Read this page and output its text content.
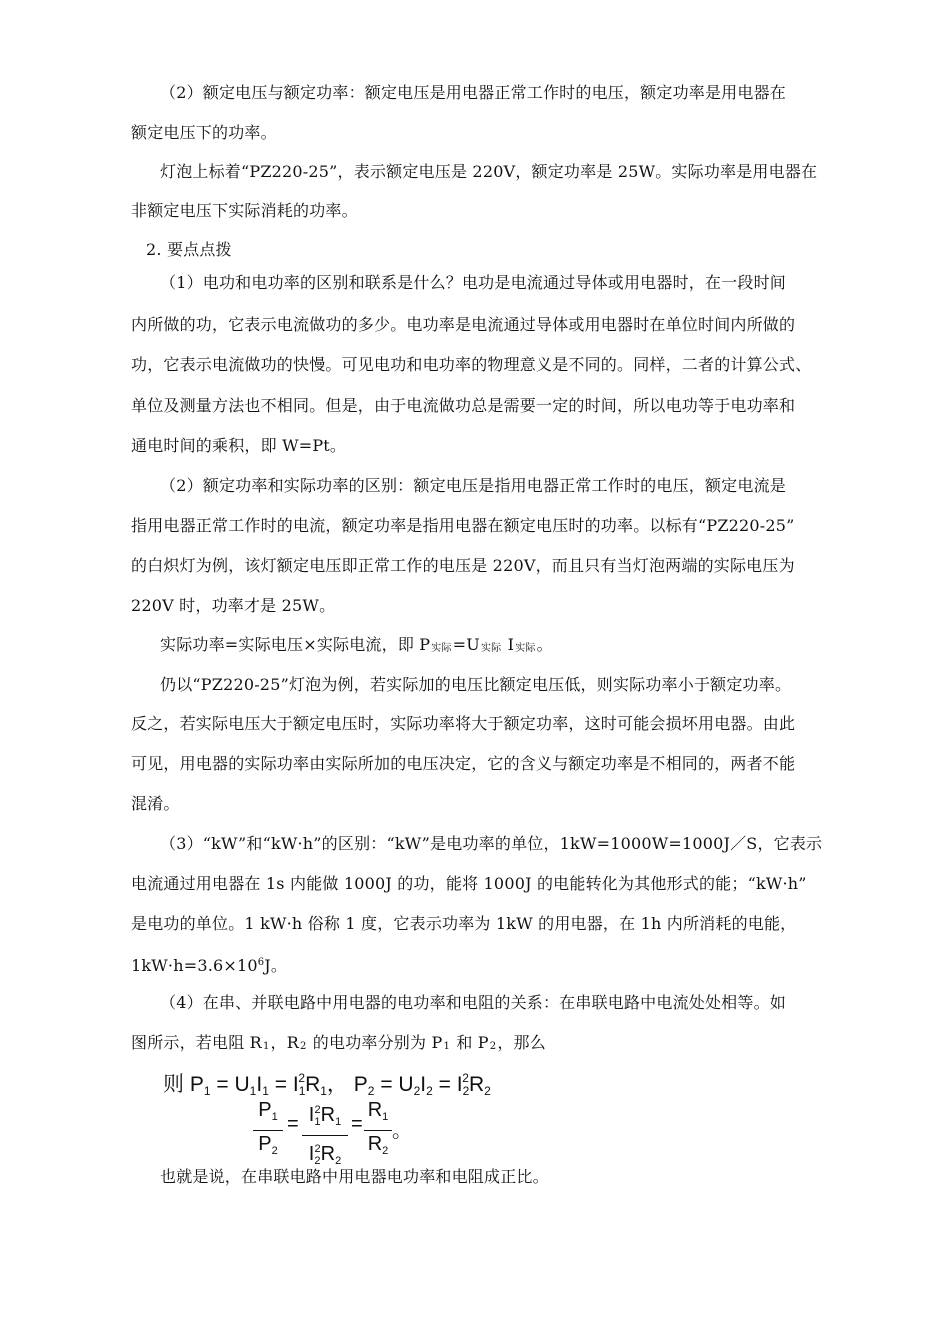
（2）额定电压与额定功率：额定电压是用电器正常工作时的电压，额定功率是用电器在
额定电压下的功率。
灯泡上标着“PZ220-25”，表示额定电压是 220V，额定功率是 25W。实际功率是用电器在
非额定电压下实际消耗的功率。
2. 要点点拨
（1）电功和电功率的区别和联系是什么？电功是电流通过导体或用电器时，在一段时间
内所做的功，它表示电流做功的多少。电功率是电流通过导体或用电器时在单位时间内所做的
功，它表示电流做功的快慢。可见电功和电功率的物理意义是不同的。同样，二者的计算公式、
单位及测量方法也不相同。但是，由于电流做功总是需要一定的时间，所以电功等于电功率和
通电时间的乘积，即 W=Pt。
（2）额定功率和实际功率的区别：额定电压是指用电器正常工作时的电压，额定电流是
指用电器正常工作时的电流，额定功率是指用电器在额定电压时的功率。以标有“PZ220-25”
的白炽灯为例，该灯额定电压即正常工作的电压是 220V，而且只有当灯泡两端的实际电压为
220V 时，功率才是 25W。
实际功率=实际电压×实际电流，即 P实际=U实际 I实际。
仍以“PZ220-25”灯泡为例，若实际加的电压比额定电压低，则实际功率小于额定功率。
反之，若实际电压大于额定电压时，实际功率将大于额定功率，这时可能会损坏用电器。由此
可见，用电器的实际功率由实际所加的电压决定，它的含义与额定功率是不相同的，两者不能
混淆。
（3）“kW”和“kW·h”的区别：“kW”是电功率的单位，1kW=1000W=1000J／S，它表示
电流通过用电器在 1s 内能做 1000J 的功，能将 1000J 的电能转化为其他形式的能；“kW·h”
是电功的单位。1 kW·h 俗称 1 度，它表示功率为 1kW 的用电器，在 1h 内所消耗的电能，
$1kW\cdot h=3.6\times 10^6J$。
（4）在串、并联电路中用电器的电功率和电阻的关系：在串联电路中电流处处相等。如
图所示，若电阻 R1，R2 的电功率分别为 P1 和 P2，那么
则 $P1 = U1I1 = I1^2R1$， $P2 = U2I2 = I2^2R2$
$P_1$
$P_2$
= $I_1^2R_1$
$I_2^2R_2$
=
$R_1$
$R_2$
。
也就是说，在串联电路中用电器电功率和电阻成正比。
